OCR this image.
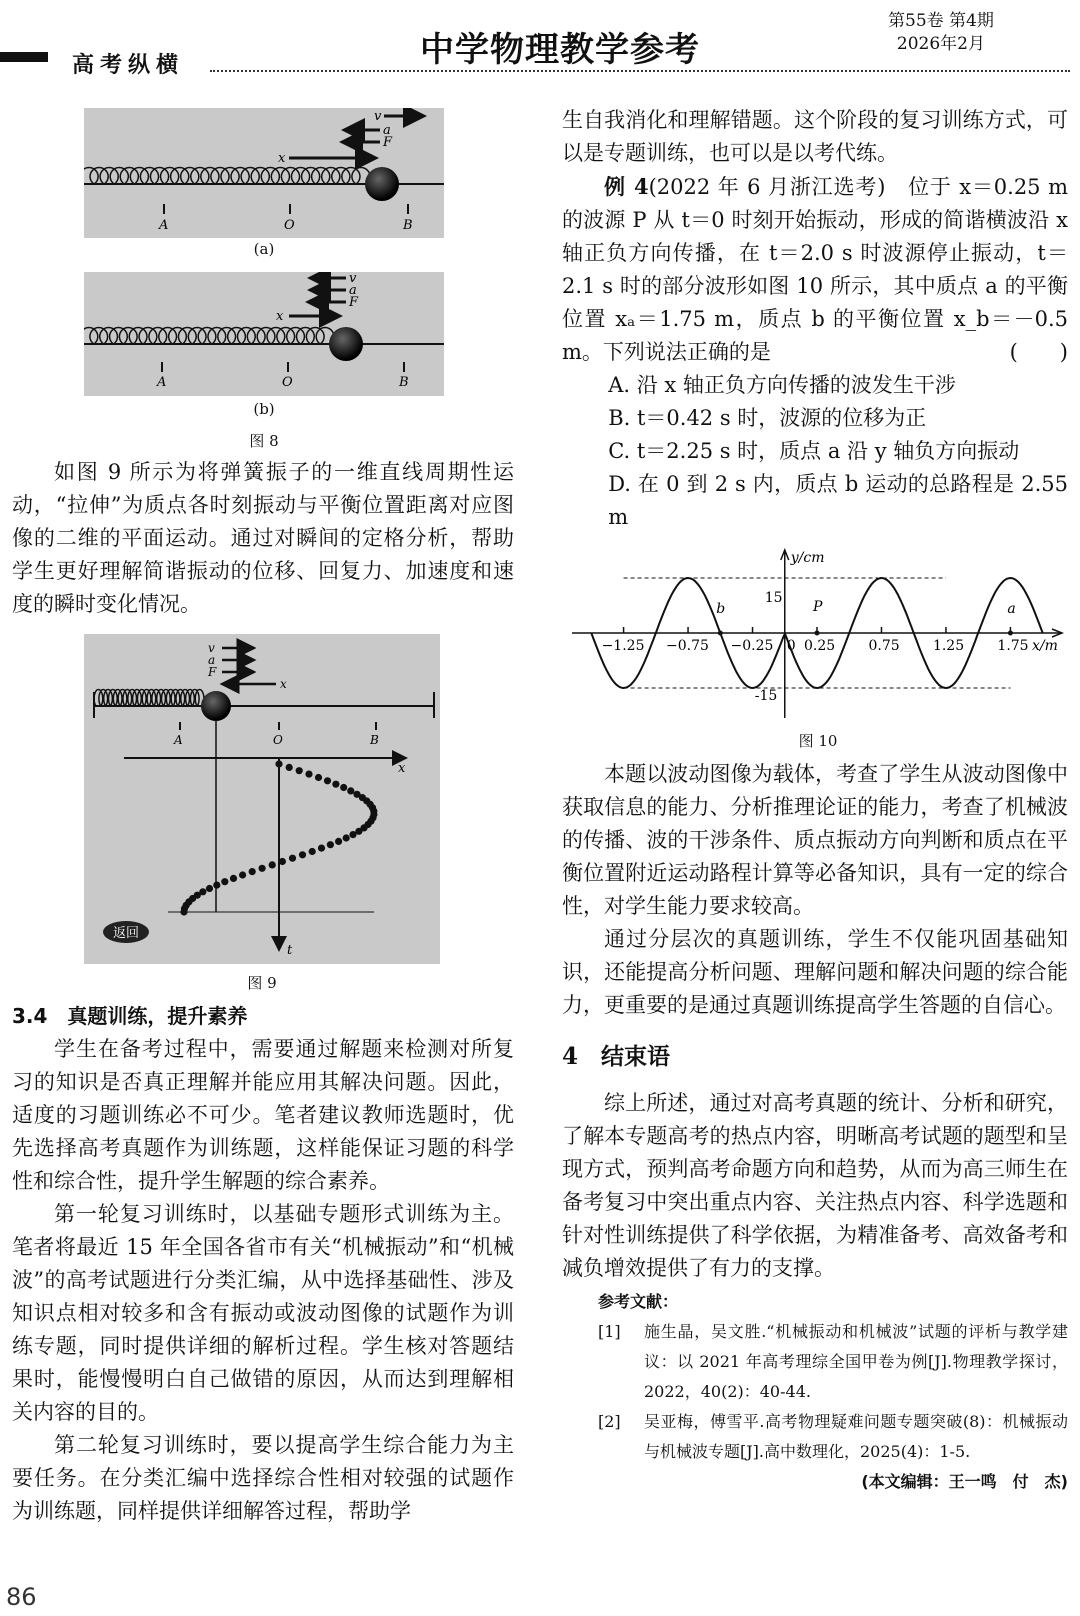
高考纵横	中学物理教学参考
第55卷 第4期
2026年2月
v
a
F
x
A	O	B
(a)
v
a
F
x
A	O	B
(b)
图 8

如图 9 所示为将弹簧振子的一维直线周期性运动，“拉伸”为质点各时刻振动与平衡位置距离对应图像的二维的平面运动。通过对瞬间的定格分析，帮助学生更好理解简谐振动的位移、回复力、加速度和速度的瞬时变化情况。

v
a
F
x
A	O	B
x
t
返回
图 9

3.4　真题训练，提升素养

学生在备考过程中，需要通过解题来检测对所复习的知识是否真正理解并能应用其解决问题。因此，适度的习题训练必不可少。笔者建议教师选题时，优先选择高考真题作为训练题，这样能保证习题的科学性和综合性，提升学生解题的综合素养。

第一轮复习训练时，以基础专题形式训练为主。笔者将最近 15 年全国各省市有关“机械振动”和“机械波”的高考试题进行分类汇编，从中选择基础性、涉及知识点相对较多和含有振动或波动图像的试题作为训练专题，同时提供详细的解析过程。学生核对答题结果时，能慢慢明白自己做错的原因，从而达到理解相关内容的目的。

第二轮复习训练时，要以提高学生综合能力为主要任务。在分类汇编中选择综合性相对较强的试题作为训练题，同样提供详细解答过程，帮助学

生自我消化和理解错题。这个阶段的复习训练方式，可以是专题训练，也可以是以考代练。

例 4(2022 年 6 月浙江选考)　位于 x＝0.25 m 的波源 P 从 t＝0 时刻开始振动，形成的简谐横波沿 x 轴正负方向传播，在 t＝2.0 s 时波源停止振动，t＝2.1 s 时的部分波形如图 10 所示，其中质点 a 的平衡位置 xₐ＝1.75 m，质点 b 的平衡位置 x_b＝－0.5 m。下列说法正确的是	(　　)

A. 沿 x 轴正负方向传播的波发生干涉

B. t＝0.42 s 时，波源的位移为正

C. t＝2.25 s 时，质点 a 沿 y 轴负方向振动

D. 在 0 到 2 s 内，质点 b 运动的总路程是 2.55 m

y/cm
x/m
15
-15
b	P	a
−1.25 −0.75 −0.25 0 0.25 0.75 1.25 1.75
图 10

本题以波动图像为载体，考查了学生从波动图像中获取信息的能力、分析推理论证的能力，考查了机械波的传播、波的干涉条件、质点振动方向判断和质点在平衡位置附近运动路程计算等必备知识，具有一定的综合性，对学生能力要求较高。

通过分层次的真题训练，学生不仅能巩固基础知识，还能提高分析问题、理解问题和解决问题的综合能力，更重要的是通过真题训练提高学生答题的自信心。

4　结束语

综上所述，通过对高考真题的统计、分析和研究，了解本专题高考的热点内容，明晰高考试题的题型和呈现方式，预判高考命题方向和趋势，从而为高三师生在备考复习中突出重点内容、关注热点内容、科学选题和针对性训练提供了科学依据，为精准备考、高效备考和减负增效提供了有力的支撑。

参考文献：
[1]	施生晶，吴文胜.“机械振动和机械波”试题的评析与教学建议：以 2021 年高考理综全国甲卷为例[J].物理教学探讨，2022，40(2)：40-44.
[2]	吴亚梅，傅雪平.高考物理疑难问题专题突破(8)：机械振动与机械波专题[J].高中数理化，2025(4)：1-5.
(本文编辑：王一鸣　付　杰)
86
